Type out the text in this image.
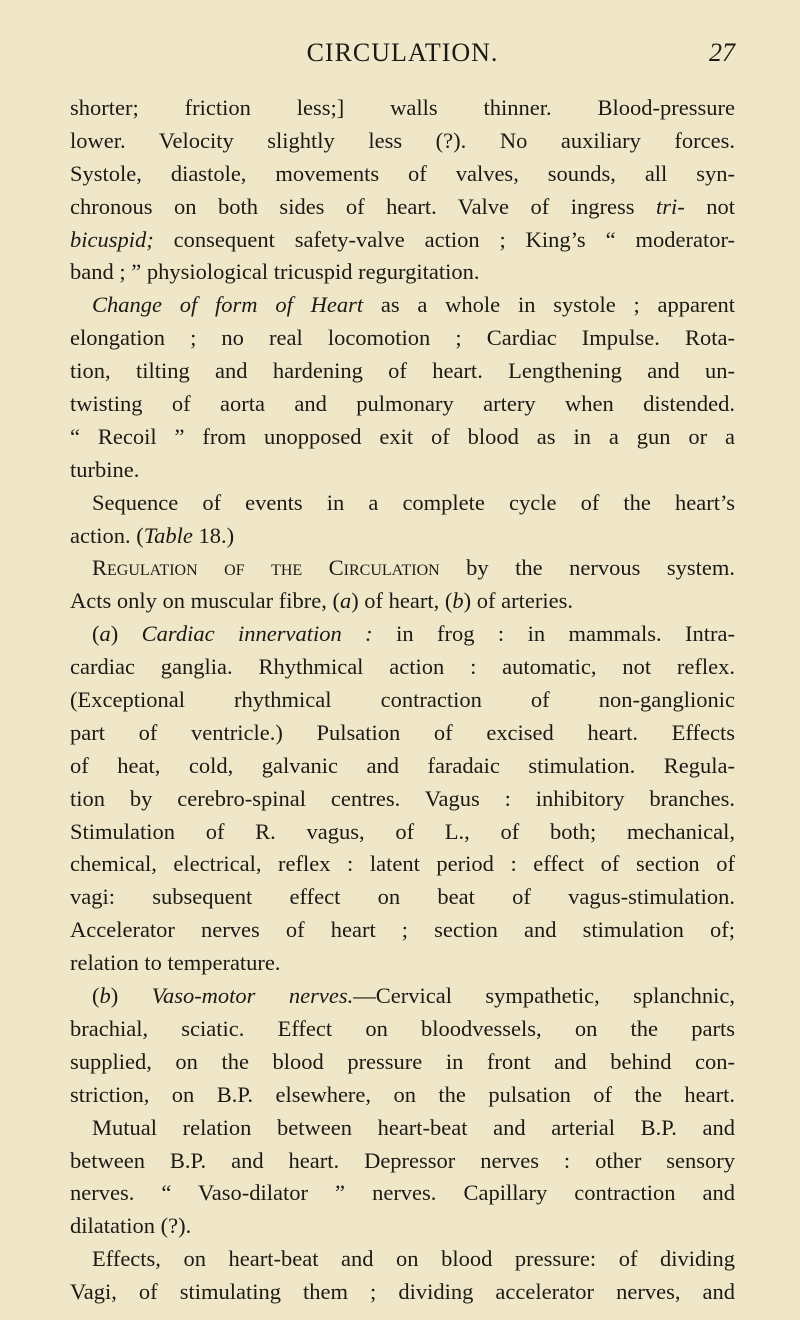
CIRCULATION.	27
shorter; friction less;] walls thinner. Blood-pressure
lower. Velocity slightly less (?). No auxiliary forces.
Systole, diastole, movements of valves, sounds, all syn-
chronous on both sides of heart. Valve of ingress tri- not
bicuspid; consequent safety-valve action ; King’s “ moderator-
band ; ” physiological tricuspid regurgitation.
Change of form of Heart as a whole in systole ; apparent
elongation ; no real locomotion ; Cardiac Impulse. Rota-
tion, tilting and hardening of heart. Lengthening and un-
twisting of aorta and pulmonary artery when distended.
“ Recoil ” from unopposed exit of blood as in a gun or a
turbine.
Sequence of events in a complete cycle of the heart’s
action. (Table 18.)
Regulation of the Circulation by the nervous system.
Acts only on muscular fibre, (a) of heart, (b) of arteries.
(a) Cardiac innervation : in frog : in mammals. Intra-
cardiac ganglia. Rhythmical action : automatic, not reflex.
(Exceptional rhythmical contraction of non-ganglionic
part of ventricle.) Pulsation of excised heart. Effects
of heat, cold, galvanic and faradaic stimulation. Regula-
tion by cerebro-spinal centres. Vagus : inhibitory branches.
Stimulation of R. vagus, of L., of both; mechanical,
chemical, electrical, reflex : latent period : effect of section of
vagi: subsequent effect on beat of vagus-stimulation.
Accelerator nerves of heart ; section and stimulation of;
relation to temperature.
(b) Vaso-motor nerves.—Cervical sympathetic, splanchnic,
brachial, sciatic. Effect on bloodvessels, on the parts
supplied, on the blood pressure in front and behind con-
striction, on B.P. elsewhere, on the pulsation of the heart.
Mutual relation between heart-beat and arterial B.P. and
between B.P. and heart. Depressor nerves : other sensory
nerves. “ Vaso-dilator ” nerves. Capillary contraction and
dilatation (?).
Effects, on heart-beat and on blood pressure: of dividing
Vagi, of stimulating them ; dividing accelerator nerves, and
